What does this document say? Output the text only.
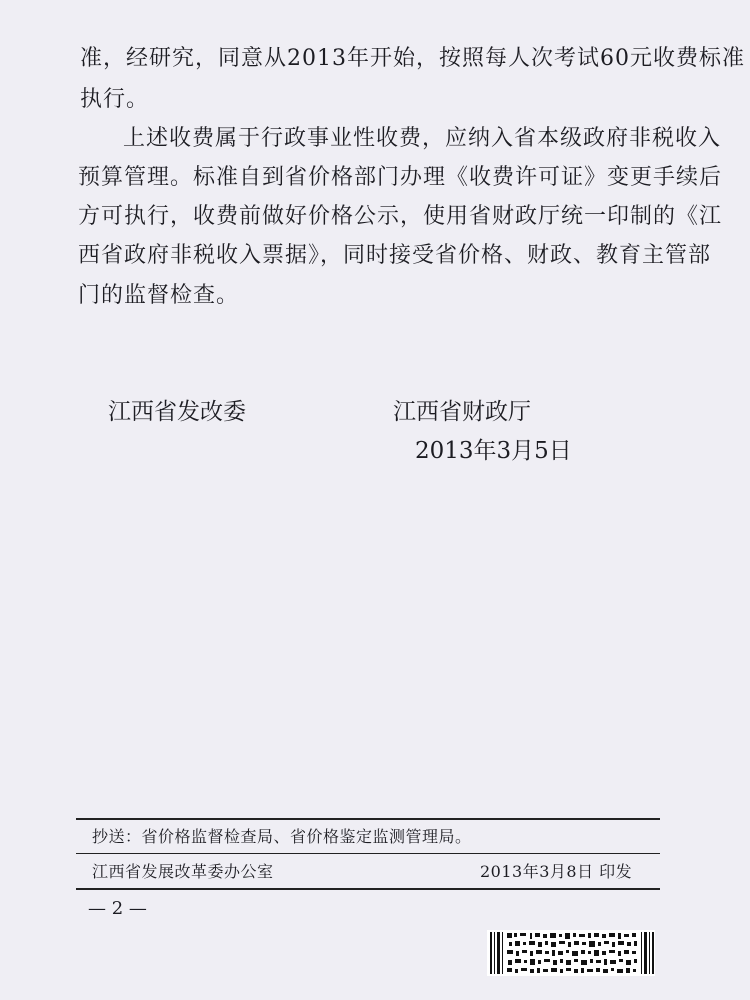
准，经研究，同意从2013年开始，按照每人次考试60元收费标准
执行。
上述收费属于行政事业性收费，应纳入省本级政府非税收入
预算管理。标准自到省价格部门办理《收费许可证》变更手续后
方可执行，收费前做好价格公示，使用省财政厅统一印制的《江
西省政府非税收入票据》，同时接受省价格、财政、教育主管部
门的监督检查。
江西省发改委	江西省财政厅
2013年3月5日
抄送：省价格监督检查局、省价格鉴定监测管理局。
江西省发展改革委办公室	2013年3月8日 印发
— 2 —
